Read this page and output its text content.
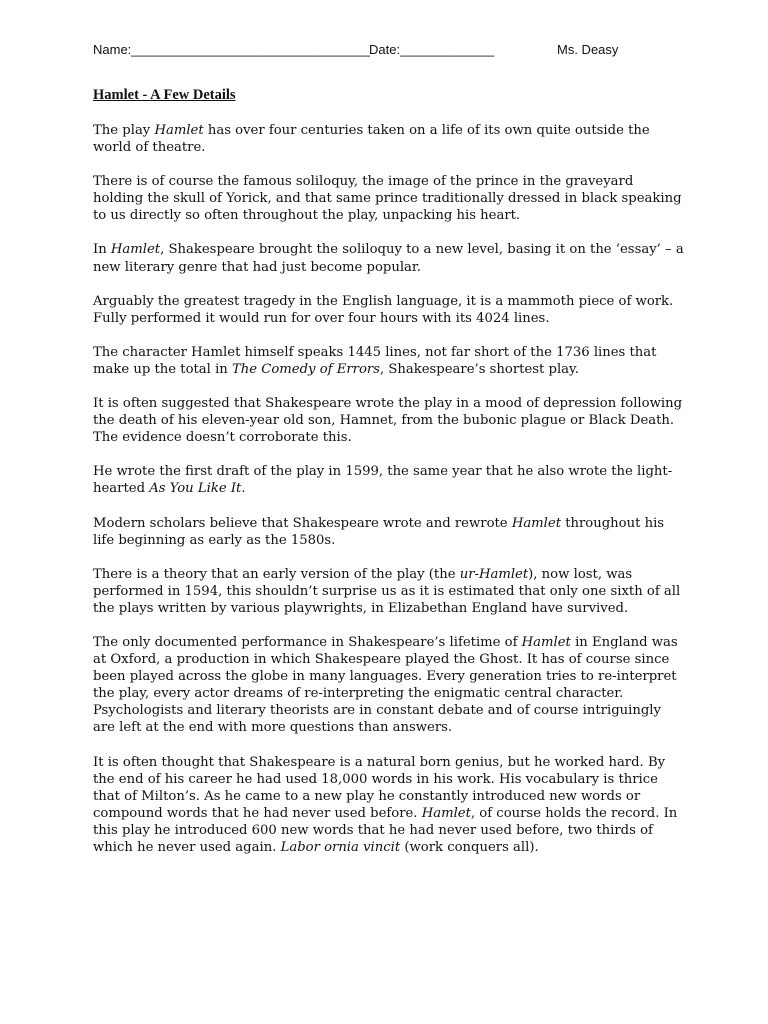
Name:_________________________________ Date:_____________	Ms. Deasy
Hamlet - A Few Details

The play Hamlet has over four centuries taken on a life of its own quite outside the world of theatre.

There is of course the famous soliloquy, the image of the prince in the graveyard holding the skull of Yorick, and that same prince traditionally dressed in black speaking to us directly so often throughout the play, unpacking his heart.

In Hamlet, Shakespeare brought the soliloquy to a new level, basing it on the ‘essay’ – a new literary genre that had just become popular.

Arguably the greatest tragedy in the English language, it is a mammoth piece of work. Fully performed it would run for over four hours with its 4024 lines.

The character Hamlet himself speaks 1445 lines, not far short of the 1736 lines that make up the total in The Comedy of Errors, Shakespeare’s shortest play.

It is often suggested that Shakespeare wrote the play in a mood of depression following the death of his eleven-year old son, Hamnet, from the bubonic plague or Black Death. The evidence doesn’t corroborate this.

He wrote the first draft of the play in 1599, the same year that he also wrote the light-hearted As You Like It.

Modern scholars believe that Shakespeare wrote and rewrote Hamlet throughout his life beginning as early as the 1580s.

There is a theory that an early version of the play (the ur-Hamlet), now lost, was performed in 1594, this shouldn’t surprise us as it is estimated that only one sixth of all the plays written by various playwrights, in Elizabethan England have survived.

The only documented performance in Shakespeare’s lifetime of Hamlet in England was at Oxford, a production in which Shakespeare played the Ghost. It has of course since been played across the globe in many languages. Every generation tries to re-interpret the play, every actor dreams of re-interpreting the enigmatic central character. Psychologists and literary theorists are in constant debate and of course intriguingly are left at the end with more questions than answers.

It is often thought that Shakespeare is a natural born genius, but he worked hard. By the end of his career he had used 18,000 words in his work. His vocabulary is thrice that of Milton’s. As he came to a new play he constantly introduced new words or compound words that he had never used before. Hamlet, of course holds the record. In this play he introduced 600 new words that he had never used before, two thirds of which he never used again. Labor ornia vincit (work conquers all).
